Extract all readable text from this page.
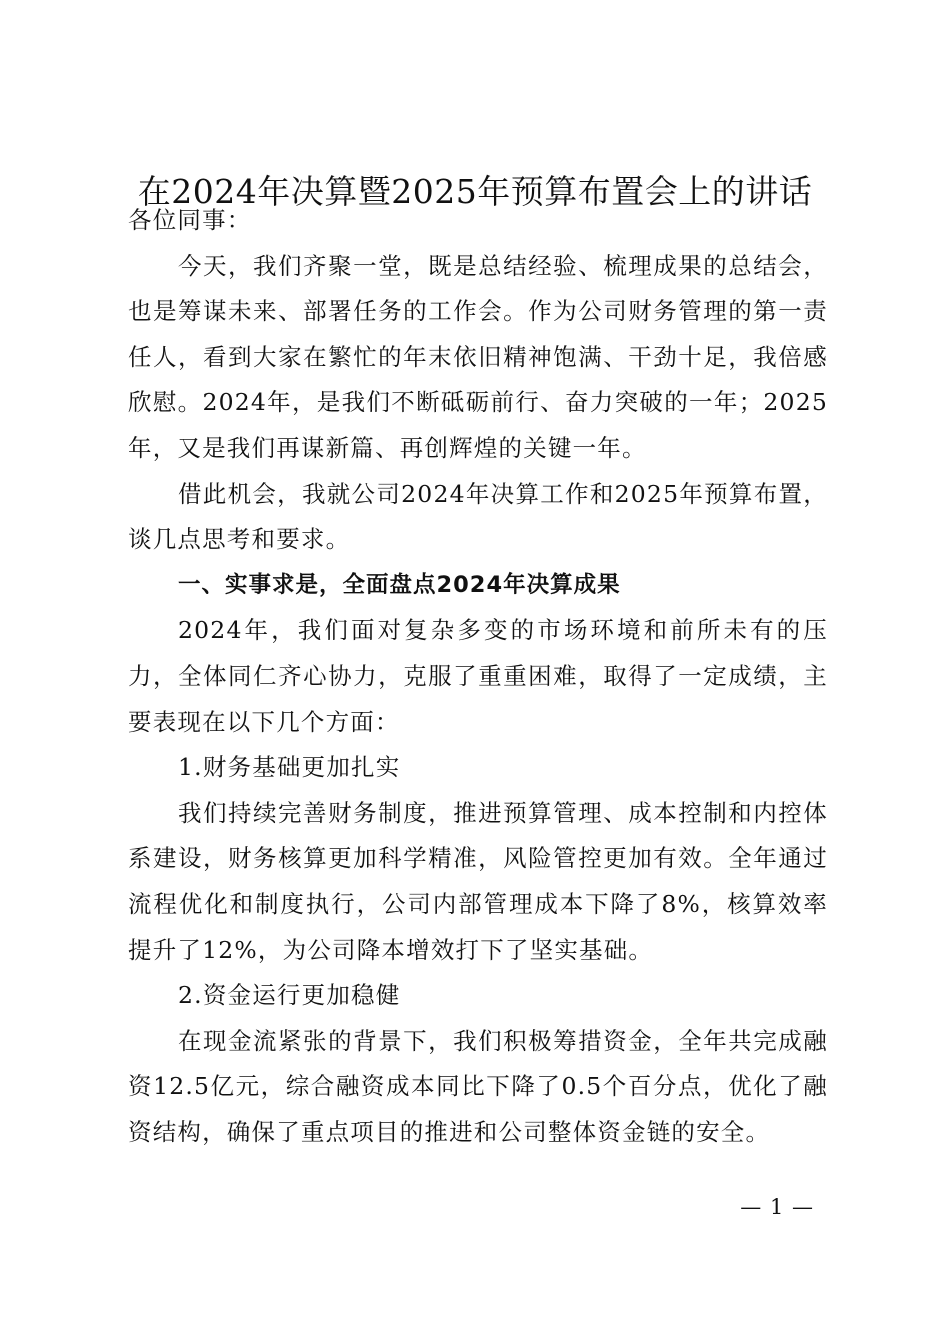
在2024年决算暨2025年预算布置会上的讲话

各位同事：

今天，我们齐聚一堂，既是总结经验、梳理成果的总结会，也是筹谋未来、部署任务的工作会。作为公司财务管理的第一责任人，看到大家在繁忙的年末依旧精神饱满、干劲十足，我倍感欣慰。2024年，是我们不断砥砺前行、奋力突破的一年；2025年，又是我们再谋新篇、再创辉煌的关键一年。

借此机会，我就公司2024年决算工作和2025年预算布置，谈几点思考和要求。

一、实事求是，全面盘点2024年决算成果

2024年，我们面对复杂多变的市场环境和前所未有的压力，全体同仁齐心协力，克服了重重困难，取得了一定成绩，主要表现在以下几个方面：

1.财务基础更加扎实

我们持续完善财务制度，推进预算管理、成本控制和内控体系建设，财务核算更加科学精准，风险管控更加有效。全年通过流程优化和制度执行，公司内部管理成本下降了8%，核算效率提升了12%，为公司降本增效打下了坚实基础。

2.资金运行更加稳健

在现金流紧张的背景下，我们积极筹措资金，全年共完成融资12.5亿元，综合融资成本同比下降了0.5个百分点，优化了融资结构，确保了重点项目的推进和公司整体资金链的安全。

— 1 —
